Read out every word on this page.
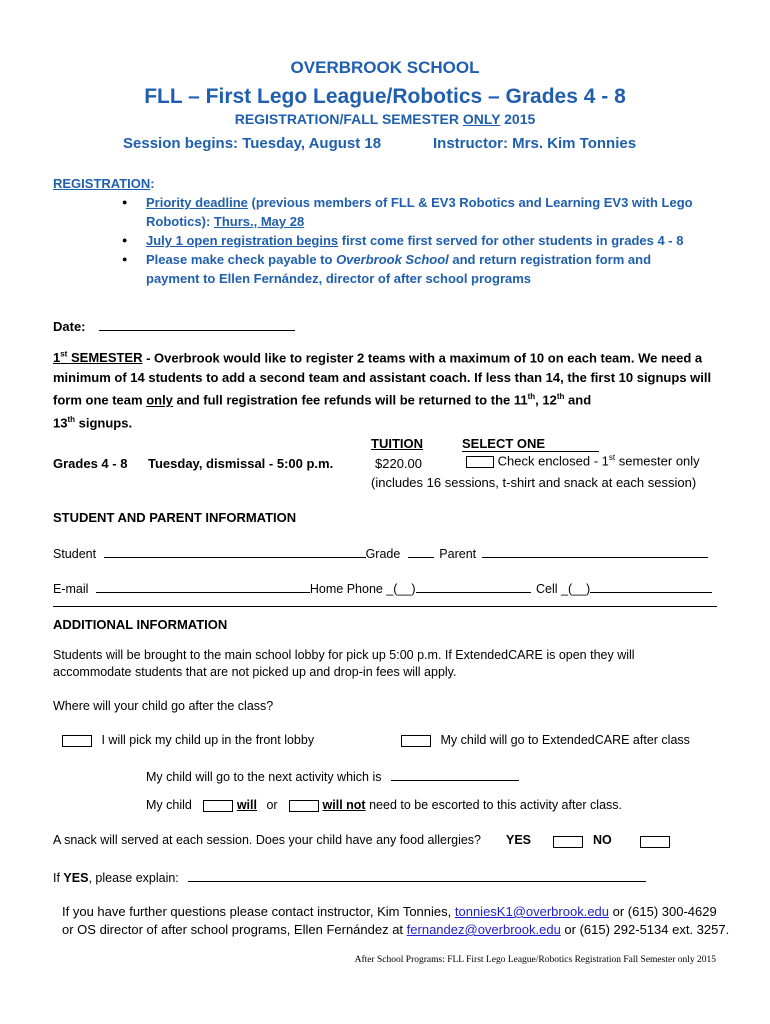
OVERBROOK SCHOOL
FLL – First Lego League/Robotics – Grades 4 - 8
REGISTRATION/FALL SEMESTER ONLY 2015
Session begins: Tuesday, August 18	Instructor: Mrs. Kim Tonnies
REGISTRATION:
● Priority deadline (previous members of FLL & EV3 Robotics and Learning EV3 with Lego Robotics): Thurs., May 28
● July 1 open registration begins first come first served for other students in grades 4 - 8
● Please make check payable to Overbrook School and return registration form and payment to Ellen Fernández, director of after school programs
Date:
1st SEMESTER - Overbrook would like to register 2 teams with a maximum of 10 on each team. We need a minimum of 14 students to add a second team and assistant coach. If less than 14, the first 10 signups will form one team only and full registration fee refunds will be returned to the 11th, 12th and
13th signups.
TUITION	SELECT ONE
Grades 4 - 8 Tuesday, dismissal - 5:00 p.m.	$220.00	Check enclosed - 1st semester only
(includes 16 sessions, t-shirt and snack at each session)
STUDENT AND PARENT INFORMATION
Student	Grade	Parent
E-mail	Home Phone _(__)	Cell _(__)
ADDITIONAL INFORMATION
Students will be brought to the main school lobby for pick up 5:00 p.m. If ExtendedCARE is open they will accommodate students that are not picked up and drop-in fees will apply.
Where will your child go after the class?
I will pick my child up in the front lobby	My child will go to ExtendedCARE after class
My child will go to the next activity which is
My child	will or	will not need to be escorted to this activity after class.
A snack will served at each session. Does your child have any food allergies? YES	NO
If YES, please explain:
If you have further questions please contact instructor, Kim Tonnies, tonniesK1@overbrook.edu or (615) 300-4629
or OS director of after school programs, Ellen Fernández at fernandez@overbrook.edu or (615) 292-5134 ext. 3257.
After School Programs: FLL First Lego League/Robotics Registration Fall Semester only 2015
